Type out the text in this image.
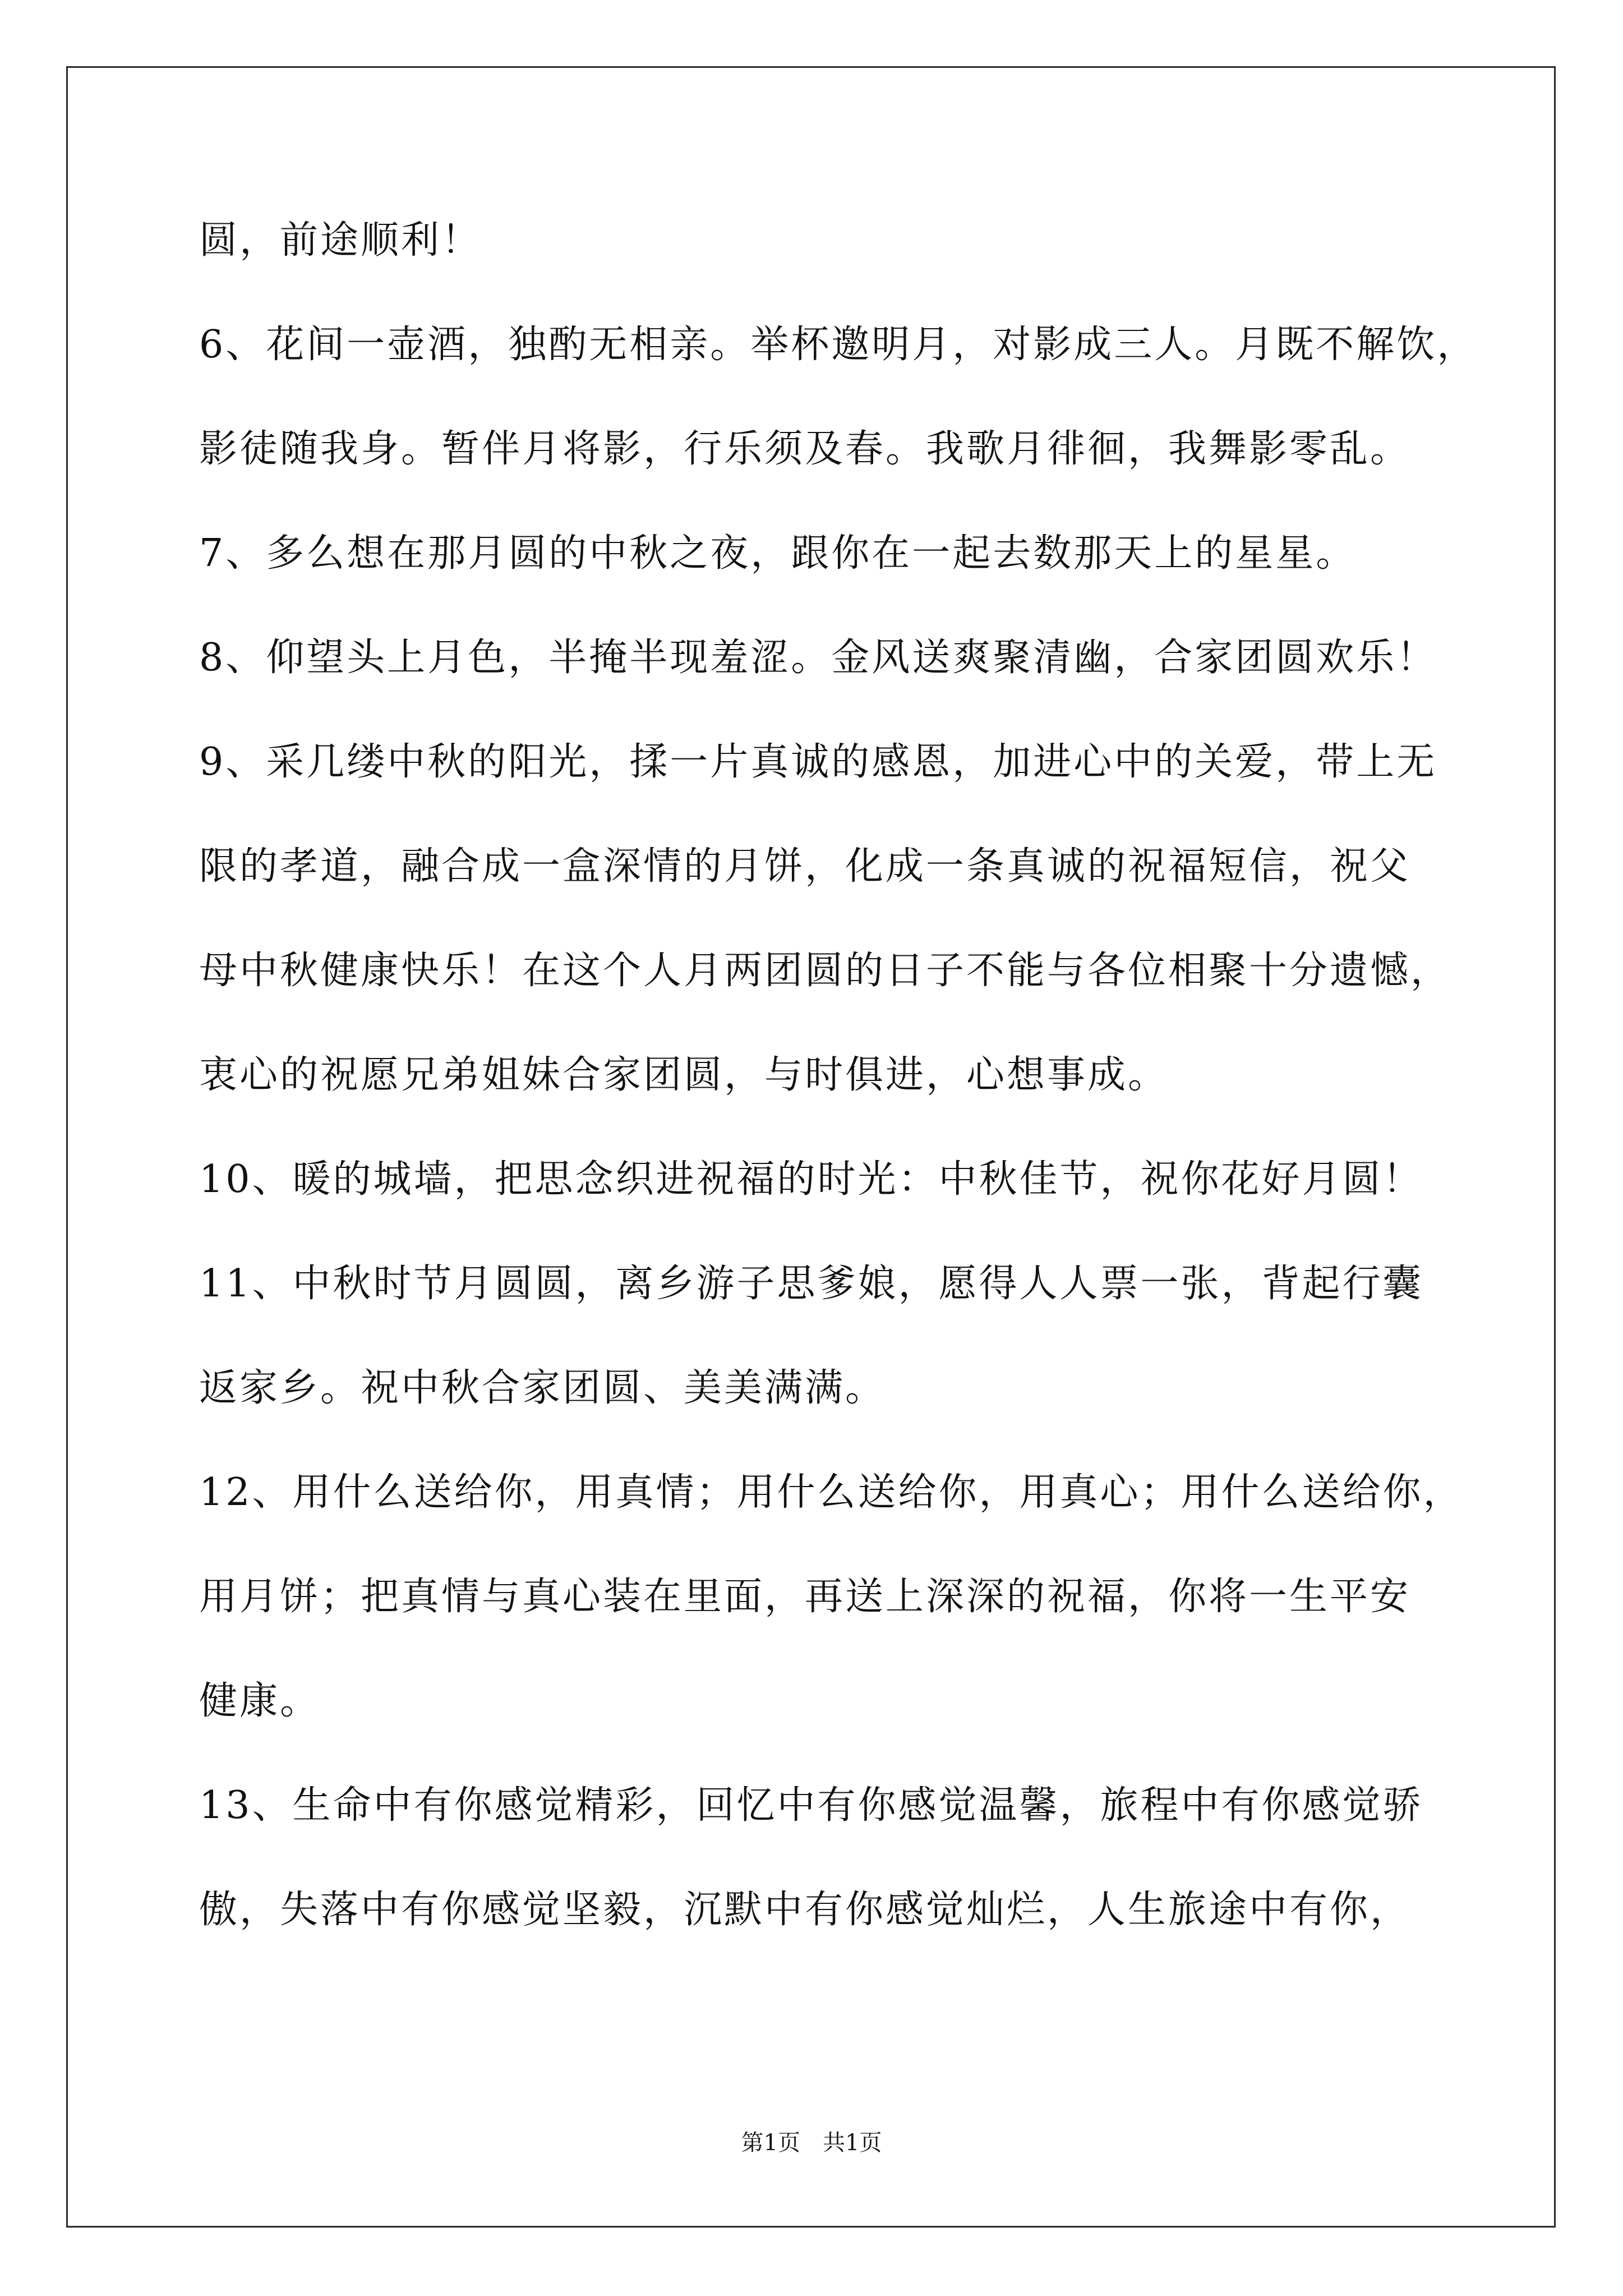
圆，前途顺利！

6、花间一壶酒，独酌无相亲。举杯邀明月，对影成三人。月既不解饮，

影徒随我身。暂伴月将影，行乐须及春。我歌月徘徊，我舞影零乱。

7、多么想在那月圆的中秋之夜，跟你在一起去数那天上的星星。

8、仰望头上月色，半掩半现羞涩。金风送爽聚清幽，合家团圆欢乐！

9、采几缕中秋的阳光，揉一片真诚的感恩，加进心中的关爱，带上无

限的孝道，融合成一盒深情的月饼，化成一条真诚的祝福短信，祝父

母中秋健康快乐！在这个人月两团圆的日子不能与各位相聚十分遗憾，

衷心的祝愿兄弟姐妹合家团圆，与时俱进，心想事成。

10、暖的城墙，把思念织进祝福的时光：中秋佳节，祝你花好月圆！

11、中秋时节月圆圆，离乡游子思爹娘，愿得人人票一张，背起行囊

返家乡。祝中秋合家团圆、美美满满。

12、用什么送给你，用真情；用什么送给你，用真心；用什么送给你，

用月饼；把真情与真心装在里面，再送上深深的祝福，你将一生平安

健康。

13、生命中有你感觉精彩，回忆中有你感觉温馨，旅程中有你感觉骄

傲，失落中有你感觉坚毅，沉默中有你感觉灿烂，人生旅途中有你，

第1页　共1页
